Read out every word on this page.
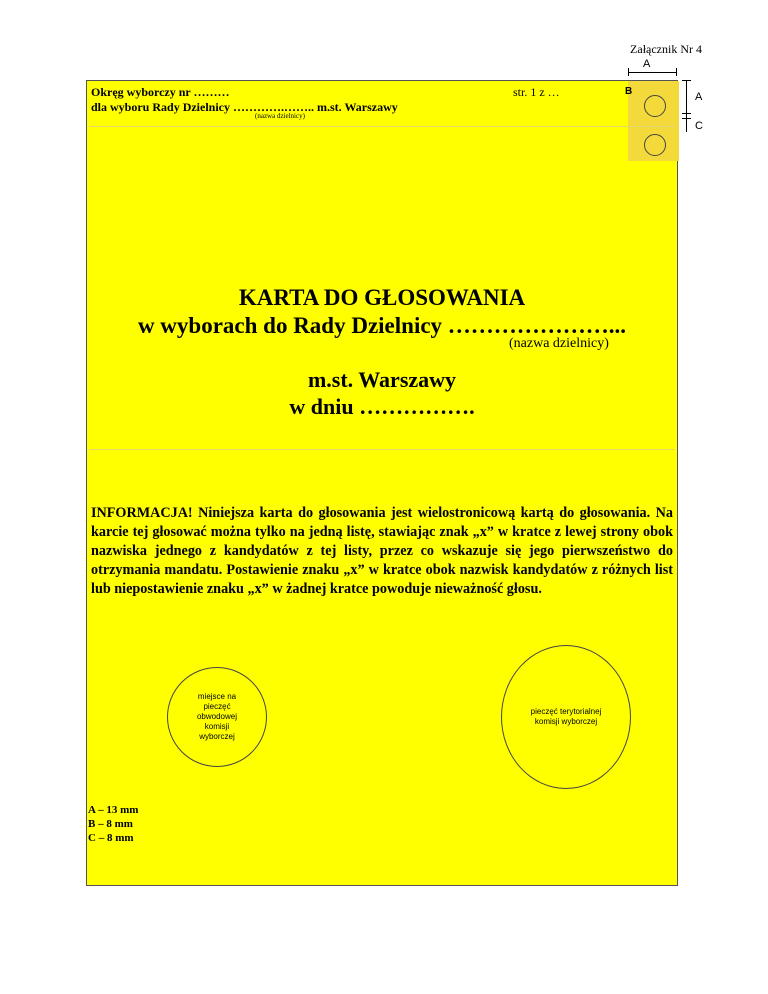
Załącznik Nr 4
A
A
C
Okręg wyborczy nr ………
dla wyboru Rady Dzielnicy ………….…….. m.st. Warszawy
(nazwa dzielnicy)
str. 1 z …
KARTA DO GŁOSOWANIA
w wyborach do Rady Dzielnicy …………………...
(nazwa dzielnicy)
m.st. Warszawy
w dniu …………….
INFORMACJA! Niniejsza karta do głosowania jest wielostronicową kartą do głosowania. Na karcie tej głosować można tylko na jedną listę, stawiając znak „x” w kratce z lewej strony obok nazwiska jednego z kandydatów z tej listy, przez co wskazuje się jego pierwszeństwo do otrzymania mandatu. Postawienie znaku „x” w kratce obok nazwisk kandydatów z różnych list lub niepostawienie znaku „x” w żadnej kratce powoduje nieważność głosu.
miejsce na pieczęć obwodowej komisji wyborczej
pieczęć terytorialnej komisji wyborczej
A – 13 mm
B – 8 mm
C – 8 mm
B
